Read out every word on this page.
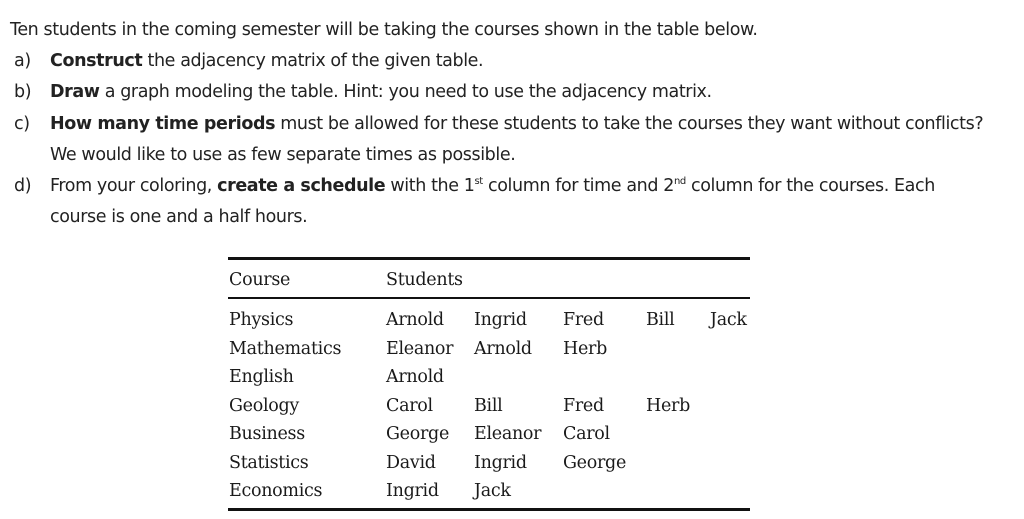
Ten students in the coming semester will be taking the courses shown in the table below.
a) Construct the adjacency matrix of the given table.
b) Draw a graph modeling the table. Hint: you need to use the adjacency matrix.
c) How many time periods must be allowed for these students to take the courses they want without conflicts?
We would like to use as few separate times as possible.
d) From your coloring, create a schedule with the 1st column for time and 2nd column for the courses. Each
course is one and a half hours.
Course	Students
Physics	Arnold Ingrid Fred Bill Jack
Mathematics	Eleanor Arnold Herb
English	Arnold
Geology	Carol Bill	Fred Herb
Business	George Eleanor Carol
Statistics	David Ingrid George
Economics	Ingrid Jack
